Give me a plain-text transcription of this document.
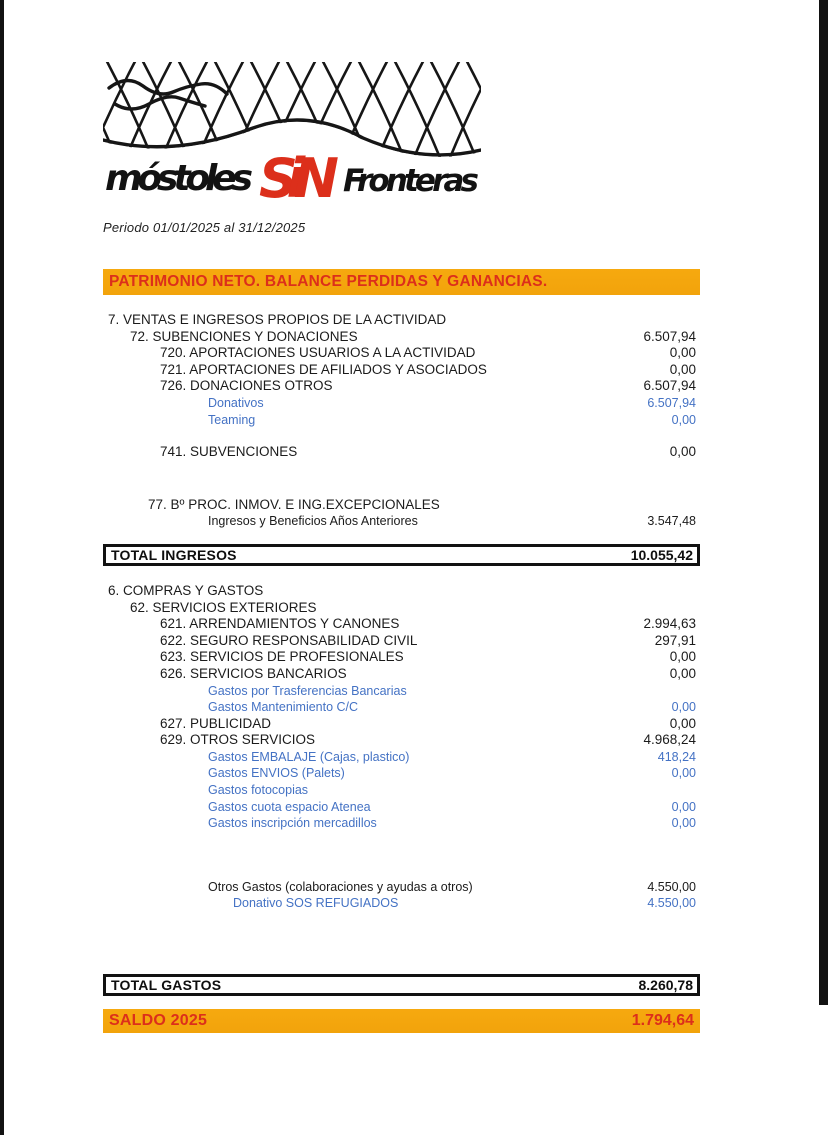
móstoles SiN Fronteras
Periodo 01/01/2025 al 31/12/2025
PATRIMONIO NETO. BALANCE PERDIDAS Y GANANCIAS.
7. VENTAS E INGRESOS PROPIOS DE LA ACTIVIDAD
72. SUBENCIONES Y DONACIONES	6.507,94
720. APORTACIONES USUARIOS A LA ACTIVIDAD	0,00
721. APORTACIONES DE AFILIADOS Y ASOCIADOS	0,00
726. DONACIONES OTROS	6.507,94
Donativos	6.507,94
Teaming	0,00
741. SUBVENCIONES	0,00
77. Bº PROC. INMOV. E ING.EXCEPCIONALES
Ingresos y Beneficios Años Anteriores	3.547,48
TOTAL INGRESOS	10.055,42
6. COMPRAS Y GASTOS
62. SERVICIOS EXTERIORES
621. ARRENDAMIENTOS Y CANONES	2.994,63
622. SEGURO RESPONSABILIDAD CIVIL	297,91
623. SERVICIOS DE PROFESIONALES	0,00
626. SERVICIOS BANCARIOS	0,00
Gastos por Trasferencias Bancarias
Gastos Mantenimiento C/C	0,00
627. PUBLICIDAD	0,00
629. OTROS SERVICIOS	4.968,24
Gastos EMBALAJE (Cajas, plastico)	418,24
Gastos ENVIOS (Palets)	0,00
Gastos fotocopias
Gastos cuota espacio Atenea	0,00
Gastos inscripción mercadillos	0,00
Otros Gastos (colaboraciones y ayudas a otros)	4.550,00
Donativo SOS REFUGIADOS	4.550,00
TOTAL GASTOS	8.260,78
SALDO 2025	1.794,64
